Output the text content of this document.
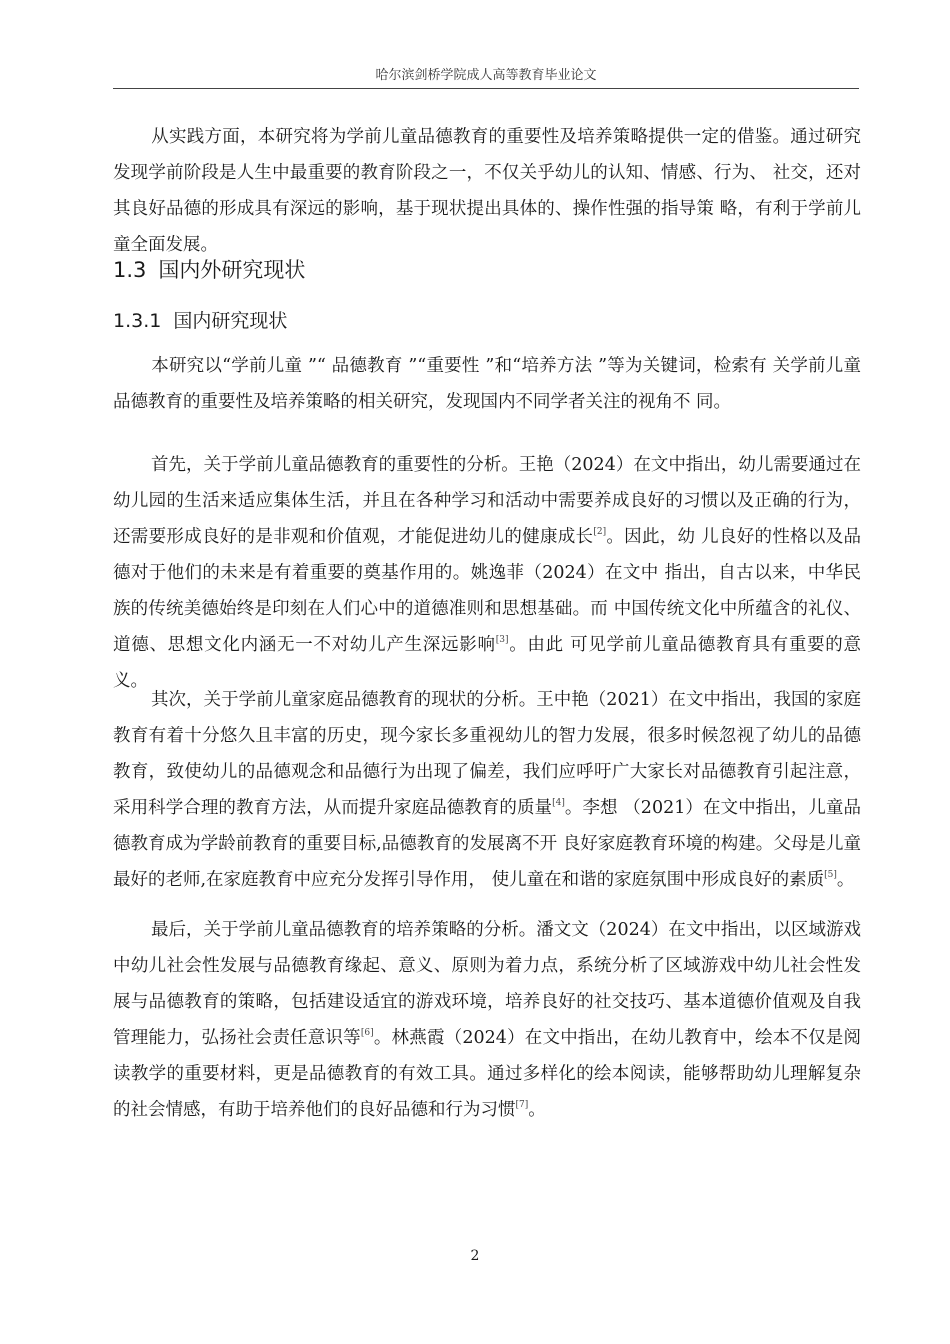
哈尔滨剑桥学院成人高等教育毕业论文

从实践方面，本研究将为学前儿童品德教育的重要性及培养策略提供一定的借鉴。通过研究发现学前阶段是人生中最重要的教育阶段之一，不仅关乎幼儿的认知、情感、行为、 社交，还对其良好品德的形成具有深远的影响，基于现状提出具体的、操作性强的指导策 略，有利于学前儿童全面发展。

1.3 国内外研究现状
1.3.1 国内研究现状

本研究以“学前儿童 ”“ 品德教育 ”“重要性 ”和“培养方法 ”等为关键词，检索有 关学前儿童品德教育的重要性及培养策略的相关研究，发现国内不同学者关注的视角不 同。

首先，关于学前儿童品德教育的重要性的分析。王艳（2024）在文中指出，幼儿需要通过在幼儿园的生活来适应集体生活，并且在各种学习和活动中需要养成良好的习惯以及正确的行为，还需要形成良好的是非观和价值观，才能促进幼儿的健康成长[2]。因此，幼 儿良好的性格以及品德对于他们的未来是有着重要的奠基作用的。姚逸菲（2024）在文中 指出，自古以来，中华民族的传统美德始终是印刻在人们心中的道德准则和思想基础。而 中国传统文化中所蕴含的礼仪、道德、思想文化内涵无一不对幼儿产生深远影响[3]。由此 可见学前儿童品德教育具有重要的意义。

其次，关于学前儿童家庭品德教育的现状的分析。王中艳（2021）在文中指出，我国的家庭教育有着十分悠久且丰富的历史，现今家长多重视幼儿的智力发展，很多时候忽视了幼儿的品德教育，致使幼儿的品德观念和品德行为出现了偏差，我们应呼吁广大家长对品德教育引起注意，采用科学合理的教育方法，从而提升家庭品德教育的质量[4]。李想 （2021）在文中指出，儿童品德教育成为学龄前教育的重要目标,品德教育的发展离不开 良好家庭教育环境的构建。父母是儿童最好的老师,在家庭教育中应充分发挥引导作用， 使儿童在和谐的家庭氛围中形成良好的素质[5]。

最后，关于学前儿童品德教育的培养策略的分析。潘文文（2024）在文中指出，以区域游戏中幼儿社会性发展与品德教育缘起、意义、原则为着力点，系统分析了区域游戏中幼儿社会性发展与品德教育的策略，包括建设适宜的游戏环境，培养良好的社交技巧、基本道德价值观及自我管理能力，弘扬社会责任意识等[6]。林燕霞（2024）在文中指出，在幼儿教育中，绘本不仅是阅读教学的重要材料，更是品德教育的有效工具。通过多样化的绘本阅读，能够帮助幼儿理解复杂的社会情感，有助于培养他们的良好品德和行为习惯[7]。

2
